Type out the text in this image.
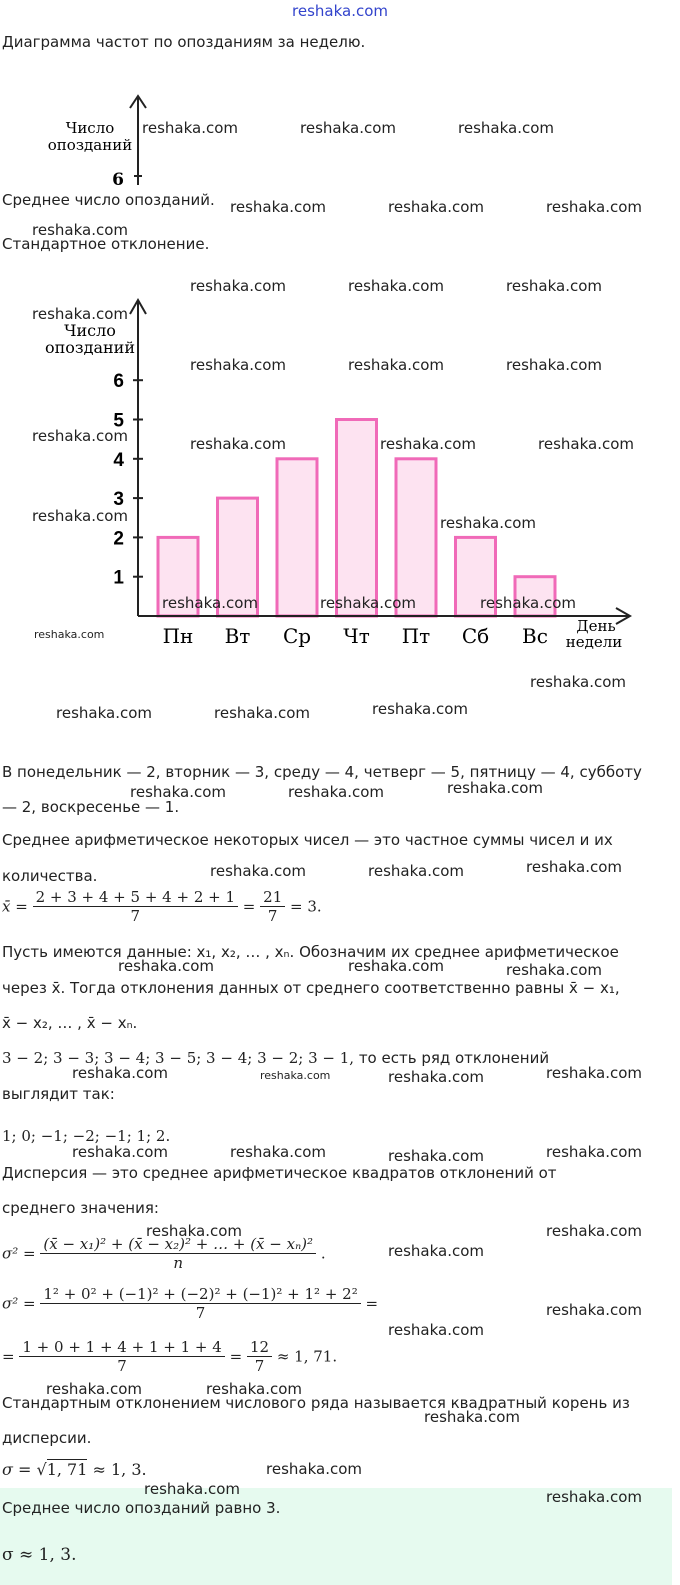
reshaka.com
Диаграмма частот по опозданиям за неделю.
Число
опозданий
6
Среднее число опозданий.
Стандартное отклонение.
1
2
3
4
5
6
Пн Вт Ср Чт Пт Сб Вс
Число
опозданий
День
недели
В понедельник — 2, вторник — 3, среду — 4, четверг — 5, пятницу — 4, субботу
— 2, воскресенье — 1.
Среднее арифметическое некоторых чисел — это частное суммы чисел и их
количества.
x̄ = $\frac{2 + 3 + 4 + 5 + 4 + 2 + 1}{7} = \frac{21}{7} = 3$.
Пусть имеются данные: x₁, x₂, … , xₙ. Обозначим их среднее арифметическое
через x̄. Тогда отклонения данных от среднего соответственно равны x̄ − x₁,
x̄ − x₂, … , x̄ − xₙ.
3 − 2; 3 − 3; 3 − 4; 3 − 5; 3 − 4; 3 − 2; 3 − 1, то есть ряд отклонений
выглядит так:
1; 0; −1; −2; −1; 1; 2.
Дисперсия — это среднее арифметическое квадратов отклонений от
среднего значения:
$\sigma^2 = \frac{\text{(x̄ − x₁)² + (x̄ − x₂)² + … + (x̄ − xₙ)²}}{n}$ .
$\sigma^2 = \frac{\text{1² + 0² + (−1)² + (−2)² + (−1)² + 1² + 2²}}{7}$ =
= $\frac{1 + 0 + 1 + 4 + 1 + 1 + 4}{7} = \frac{12}{7} \approx 1$, 71.
Стандартным отклонением числового ряда называется квадратный корень из
дисперсии.
σ = √1, 71 ≈ 1, 3.
Среднее число опозданий равно 3.
σ ≈ 1, 3.
reshaka.com	reshaka.com	reshaka.com
reshaka.com	reshaka.com	reshaka.com
reshaka.com
reshaka.com	reshaka.com	reshaka.com
reshaka.com
reshaka.com	reshaka.com	reshaka.com
reshaka.com	reshaka.com	reshaka.com	reshaka.com
reshaka.com	reshaka.com
reshaka.com	reshaka.com	reshaka.com
reshaka.com
reshaka.com
reshaka.com	reshaka.com	reshaka.com
reshaka.com	reshaka.com	reshaka.com
reshaka.com	reshaka.com	reshaka.com
reshaka.com	reshaka.com	reshaka.com
reshaka.com	reshaka.com	reshaka.com	reshaka.com
reshaka.com	reshaka.com	reshaka.com	reshaka.com
reshaka.com	reshaka.com
reshaka.com
reshaka.com
reshaka.com
reshaka.com	reshaka.com
reshaka.com
reshaka.com
reshaka.com	reshaka.com
